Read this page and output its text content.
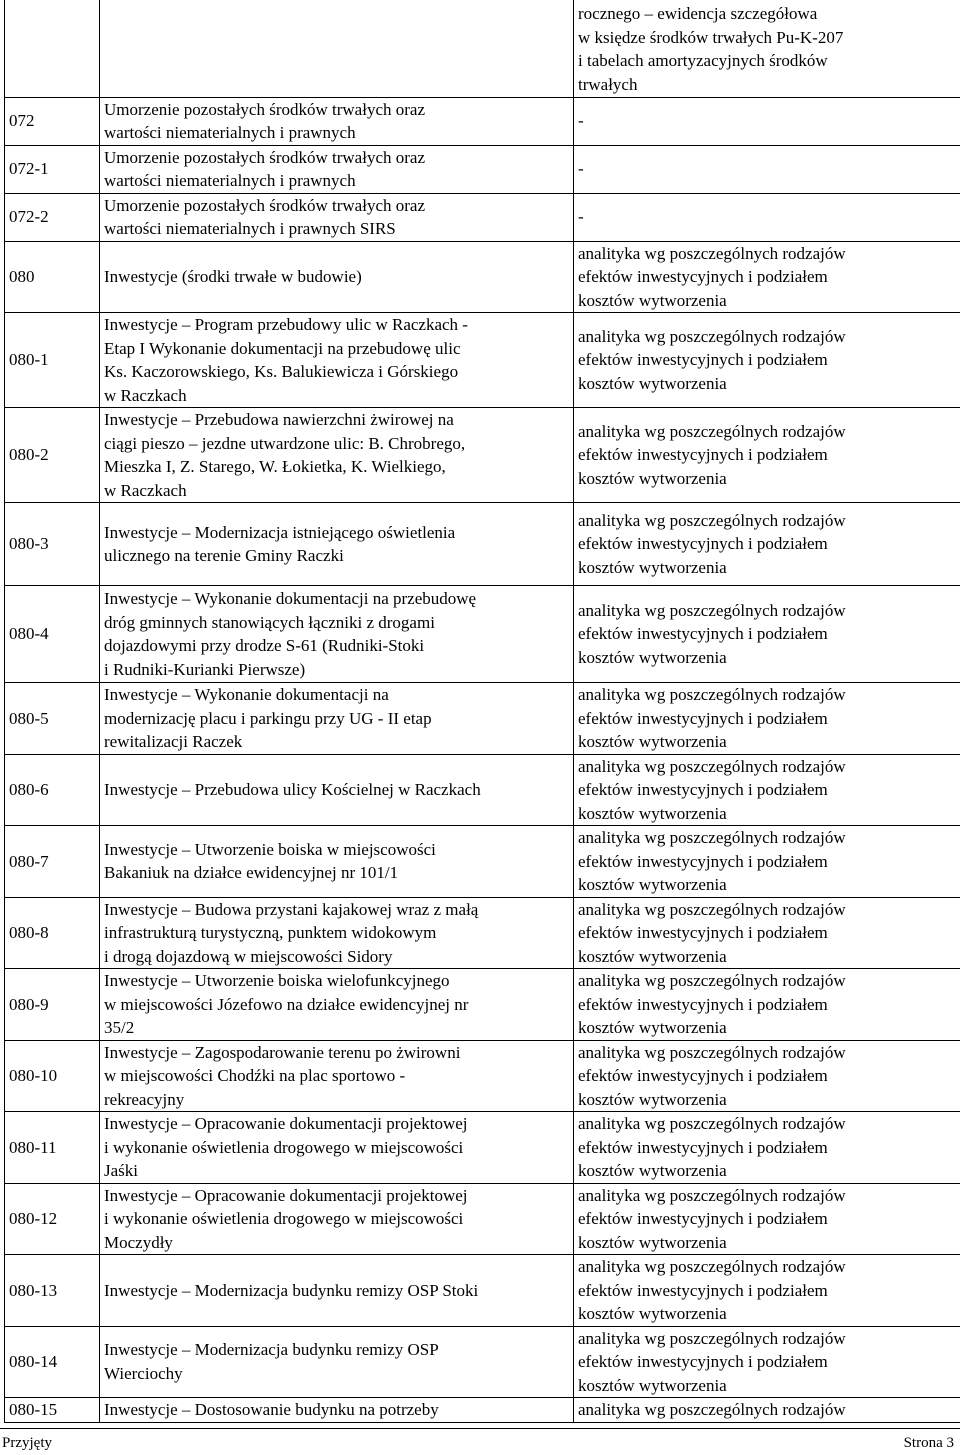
		rocznego – ewidencja szczegółowa
w księdze środków trwałych Pu-K-207
i tabelach amortyzacyjnych środków
trwałych
072	Umorzenie pozostałych środków trwałych oraz
wartości niematerialnych i prawnych	-
072-1	Umorzenie pozostałych środków trwałych oraz
wartości niematerialnych i prawnych	-
072-2	Umorzenie pozostałych środków trwałych oraz
wartości niematerialnych i prawnych SIRS	-
080	Inwestycje (środki trwałe w budowie)	analityka wg poszczególnych rodzajów
efektów inwestycyjnych i podziałem
kosztów wytworzenia
080-1	Inwestycje – Program przebudowy ulic w Raczkach -
Etap I Wykonanie dokumentacji na przebudowę ulic
Ks. Kaczorowskiego, Ks. Balukiewicza i Górskiego
w Raczkach	analityka wg poszczególnych rodzajów
efektów inwestycyjnych i podziałem
kosztów wytworzenia
080-2	Inwestycje – Przebudowa nawierzchni żwirowej na
ciągi pieszo – jezdne utwardzone ulic: B. Chrobrego,
Mieszka I, Z. Starego, W. Łokietka, K. Wielkiego,
w Raczkach	analityka wg poszczególnych rodzajów
efektów inwestycyjnych i podziałem
kosztów wytworzenia
080-3	Inwestycje – Modernizacja istniejącego oświetlenia
ulicznego na terenie Gminy Raczki	analityka wg poszczególnych rodzajów
efektów inwestycyjnych i podziałem
kosztów wytworzenia
080-4	Inwestycje – Wykonanie dokumentacji na przebudowę
dróg gminnych stanowiących łączniki z drogami
dojazdowymi przy drodze S-61 (Rudniki-Stoki
i Rudniki-Kurianki Pierwsze)	analityka wg poszczególnych rodzajów
efektów inwestycyjnych i podziałem
kosztów wytworzenia
080-5	Inwestycje – Wykonanie dokumentacji na
modernizację placu i parkingu przy UG - II etap
rewitalizacji Raczek	analityka wg poszczególnych rodzajów
efektów inwestycyjnych i podziałem
kosztów wytworzenia
080-6	Inwestycje – Przebudowa ulicy Kościelnej w Raczkach	analityka wg poszczególnych rodzajów
efektów inwestycyjnych i podziałem
kosztów wytworzenia
080-7	Inwestycje – Utworzenie boiska w miejscowości
Bakaniuk na działce ewidencyjnej nr 101/1	analityka wg poszczególnych rodzajów
efektów inwestycyjnych i podziałem
kosztów wytworzenia
080-8	Inwestycje – Budowa przystani kajakowej wraz z małą
infrastrukturą turystyczną, punktem widokowym
i drogą dojazdową w miejscowości Sidory	analityka wg poszczególnych rodzajów
efektów inwestycyjnych i podziałem
kosztów wytworzenia
080-9	Inwestycje – Utworzenie boiska wielofunkcyjnego
w miejscowości Józefowo na działce ewidencyjnej nr
35/2	analityka wg poszczególnych rodzajów
efektów inwestycyjnych i podziałem
kosztów wytworzenia
080-10	Inwestycje – Zagospodarowanie terenu po żwirowni
w miejscowości Chodźki na plac sportowo -
rekreacyjny	analityka wg poszczególnych rodzajów
efektów inwestycyjnych i podziałem
kosztów wytworzenia
080-11	Inwestycje – Opracowanie dokumentacji projektowej
i wykonanie oświetlenia drogowego w miejscowości
Jaśki	analityka wg poszczególnych rodzajów
efektów inwestycyjnych i podziałem
kosztów wytworzenia
080-12	Inwestycje – Opracowanie dokumentacji projektowej
i wykonanie oświetlenia drogowego w miejscowości
Moczydły	analityka wg poszczególnych rodzajów
efektów inwestycyjnych i podziałem
kosztów wytworzenia
080-13	Inwestycje – Modernizacja budynku remizy OSP Stoki	analityka wg poszczególnych rodzajów
efektów inwestycyjnych i podziałem
kosztów wytworzenia
080-14	Inwestycje – Modernizacja budynku remizy OSP
Wierciochy	analityka wg poszczególnych rodzajów
efektów inwestycyjnych i podziałem
kosztów wytworzenia
080-15	Inwestycje – Dostosowanie budynku na potrzeby	analityka wg poszczególnych rodzajów
Przyjęty	Strona 3
